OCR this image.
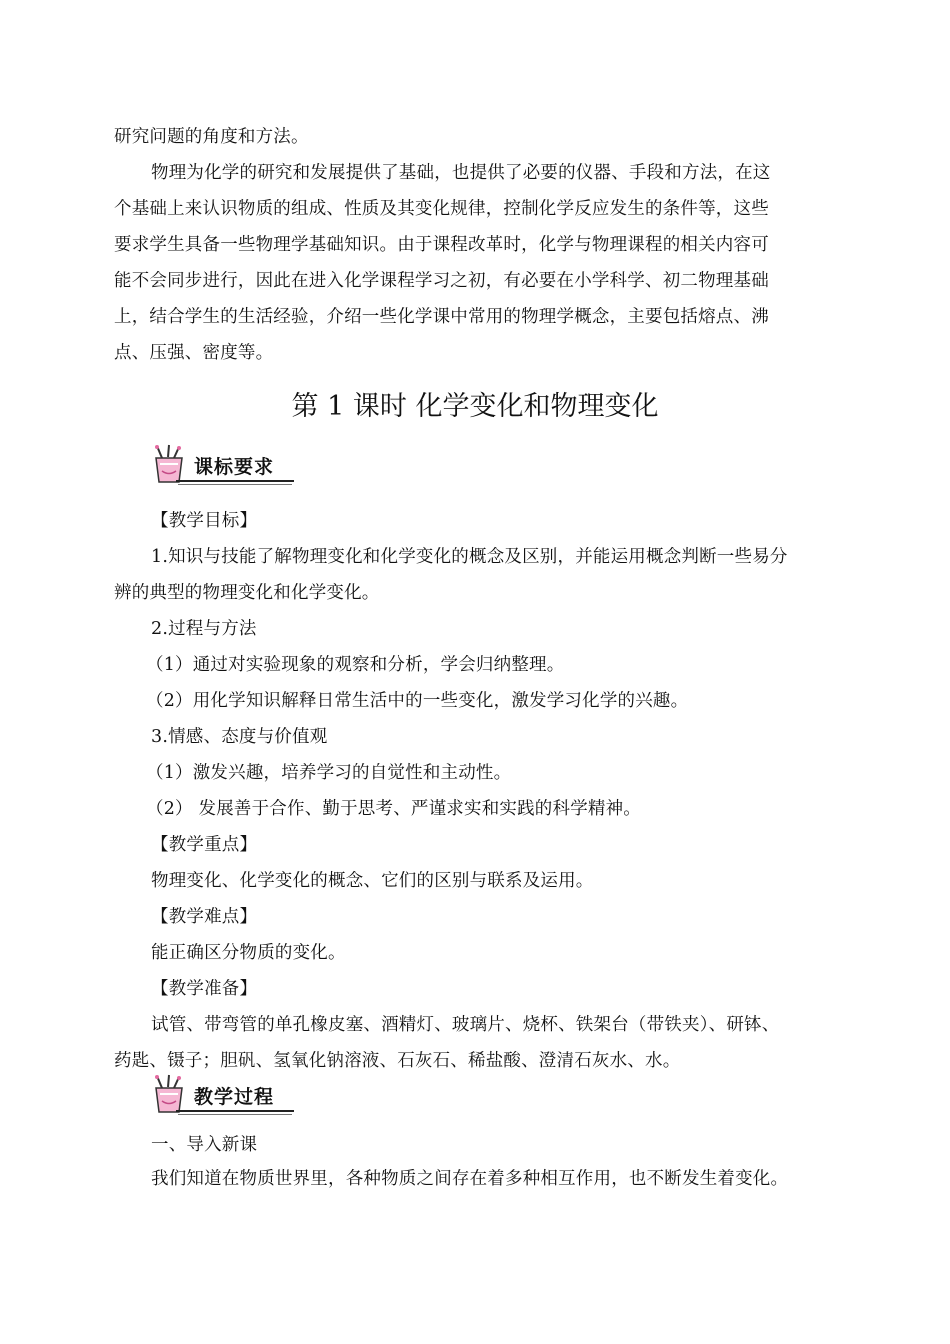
研究问题的角度和方法。
物理为化学的研究和发展提供了基础，也提供了必要的仪器、手段和方法，在这
个基础上来认识物质的组成、性质及其变化规律，控制化学反应发生的条件等，这些
要求学生具备一些物理学基础知识。由于课程改革时，化学与物理课程的相关内容可
能不会同步进行，因此在进入化学课程学习之初，有必要在小学科学、初二物理基础
上，结合学生的生活经验，介绍一些化学课中常用的物理学概念，主要包括熔点、沸
点、压强、密度等。
第 1 课时 化学变化和物理变化
课标要求
【教学目标】
1.知识与技能了解物理变化和化学变化的概念及区别，并能运用概念判断一些易分
辨的典型的物理变化和化学变化。
2.过程与方法
（1）通过对实验现象的观察和分析，学会归纳整理。
（2）用化学知识解释日常生活中的一些变化，激发学习化学的兴趣。
3.情感、态度与价值观
（1）激发兴趣，培养学习的自觉性和主动性。
（2） 发展善于合作、勤于思考、严谨求实和实践的科学精神。
【教学重点】
物理变化、化学变化的概念、它们的区别与联系及运用。
【教学难点】
能正确区分物质的变化。
【教学准备】
试管、带弯管的单孔橡皮塞、酒精灯、玻璃片、烧杯、铁架台（带铁夹）、研钵、
药匙、镊子；胆矾、氢氧化钠溶液、石灰石、稀盐酸、澄清石灰水、水。
教学过程
一、导入新课
我们知道在物质世界里，各种物质之间存在着多种相互作用，也不断发生着变化。
